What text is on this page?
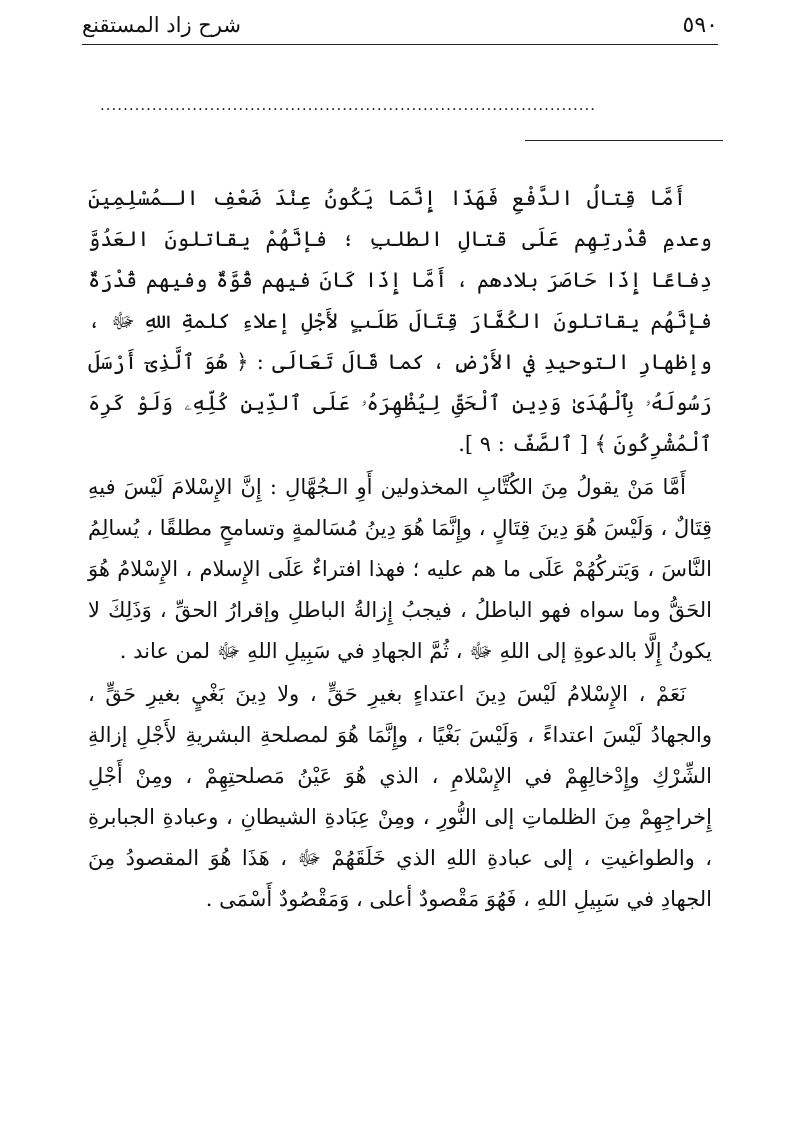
٥٩٠
شرح زاد المستقنع
......................................................................................

أَمَّا قِتالُ الدَّفْعِ فَهَذَا إِنَّمَا يَكُونُ عِنْدَ ضَعْفِ الـمُسْلِمِينَ وعدمِ قُدْرتِهِم عَلَى قتالِ الطلبِ ؛ فإنَّهُمْ يقاتلونَ العَدُوَّ دِفاعًا إِذَا حَاصَرَ بلادهم ، أَمَّا إِذَا كَانَ فيهم قُوَّةٌ وفيهم قُدْرَةٌ فإنَّهُم يقاتلونَ الكُفَّارَ قِتَالَ طَلَبٍ لأَجْلِ إعلاءِ كلمةِ اللهِ ﷻ ، وإظهارِ التوحيدِ في الأَرْضِ ، كما قَالَ تَعَالَى : ﴿ هُوَ ٱلَّذِىٓ أَرْسَلَ رَسُولَهُۥ بِٱلْهُدَىٰ وَدِينِ ٱلْحَقِّ لِيُظْهِرَهُۥ عَلَى ٱلدِّينِ كُلِّهِۦ وَلَوْ كَرِهَ ٱلْمُشْرِكُونَ ﴾ [ ٱلصَّفّ : ٩ ].

أَمَّا مَنْ يقولُ مِنَ الكُتَّابِ المخذولين أَوِ الـجُهَّالِ : إِنَّ الإِسْلامَ لَيْسَ فيهِ قِتَالٌ ، وَلَيْسَ هُوَ دِينَ قِتَالٍ ، وإِنَّمَا هُوَ دِينُ مُسَالمةٍ وتسامحٍ مطلقًا ، يُسالِمُ النَّاسَ ، وَيَتركُهُمْ عَلَى ما هم عليه ؛ فهذا افتراءٌ عَلَى الإِسلام ، الإِسْلامُ هُوَ الحَقُّ وما سواه فهو الباطلُ ، فيجبُ إِزالةُ الباطلِ وإقرارُ الحقِّ ، وَذَلِكَ لا يكونُ إِلَّا بالدعوةِ إلى اللهِ ﷻ ، ثُمَّ الجهادِ في سَبِيلِ اللهِ ﷻ لمن عاند .

نَعَمْ ، الإِسْلامُ لَيْسَ دِينَ اعتداءٍ بغيرِ حَقٍّ ، ولا دِينَ بَغْيٍ بغيرِ حَقٍّ ، والجهادُ لَيْسَ اعتداءً ، وَلَيْسَ بَغْيًا ، وإِنَّمَا هُوَ لمصلحةِ البشريةِ لأَجْلِ إزالةِ الشِّرْكِ وإِدْخالِهِمْ في الإِسْلامِ ، الذي هُوَ عَيْنُ مَصلحتِهِمْ ، ومِنْ أَجْلِ إِخراجِهِمْ مِنَ الظلماتِ إلى النُّورِ ، ومِنْ عِبَادةِ الشيطانِ ، وعبادةِ الجبابرةِ ، والطواغيتِ ، إلى عبادةِ اللهِ الذي خَلَقَهُمْ ﷻ ، هَذَا هُوَ المقصودُ مِنَ الجهادِ في سَبِيلِ اللهِ ، فَهُوَ مَقْصودٌ أعلى ، وَمَقْصُودٌ أَسْمَى .
